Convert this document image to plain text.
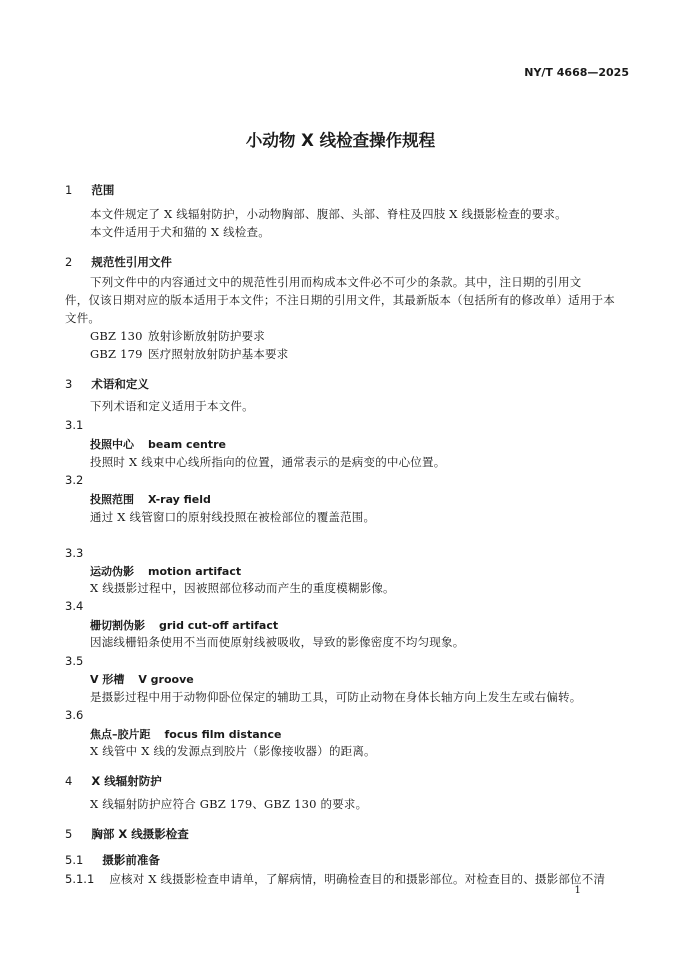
NY/T 4668—2025
小动物 X 线检查操作规程
1 范围
本文件规定了 X 线辐射防护，小动物胸部、腹部、头部、脊柱及四肢 X 线摄影检查的要求。
本文件适用于犬和猫的 X 线检查。
2 规范性引用文件
下列文件中的内容通过文中的规范性引用而构成本文件必不可少的条款。其中，注日期的引用文
件，仅该日期对应的版本适用于本文件；不注日期的引用文件，其最新版本（包括所有的修改单）适用于本
文件。
GBZ 130 放射诊断放射防护要求
GBZ 179 医疗照射放射防护基本要求
3 术语和定义
下列术语和定义适用于本文件。
3.1
投照中心 beam centre
投照时 X 线束中心线所指向的位置，通常表示的是病变的中心位置。
3.2
投照范围 X-ray field
通过 X 线管窗口的原射线投照在被检部位的覆盖范围。
3.3
运动伪影 motion artifact
X 线摄影过程中，因被照部位移动而产生的重度模糊影像。
3.4
栅切割伪影 grid cut-off artifact
因滤线栅铅条使用不当而使原射线被吸收，导致的影像密度不均匀现象。
3.5
V 形槽 V groove
是摄影过程中用于动物仰卧位保定的辅助工具，可防止动物在身体长轴方向上发生左或右偏转。
3.6
焦点–胶片距 focus film distance
X 线管中 X 线的发源点到胶片（影像接收器）的距离。
4 X 线辐射防护
X 线辐射防护应符合 GBZ 179、GBZ 130 的要求。
5 胸部 X 线摄影检查
5.1 摄影前准备
5.1.1 应核对 X 线摄影检查申请单，了解病情，明确检查目的和摄影部位。对检查目的、摄影部位不清
1
